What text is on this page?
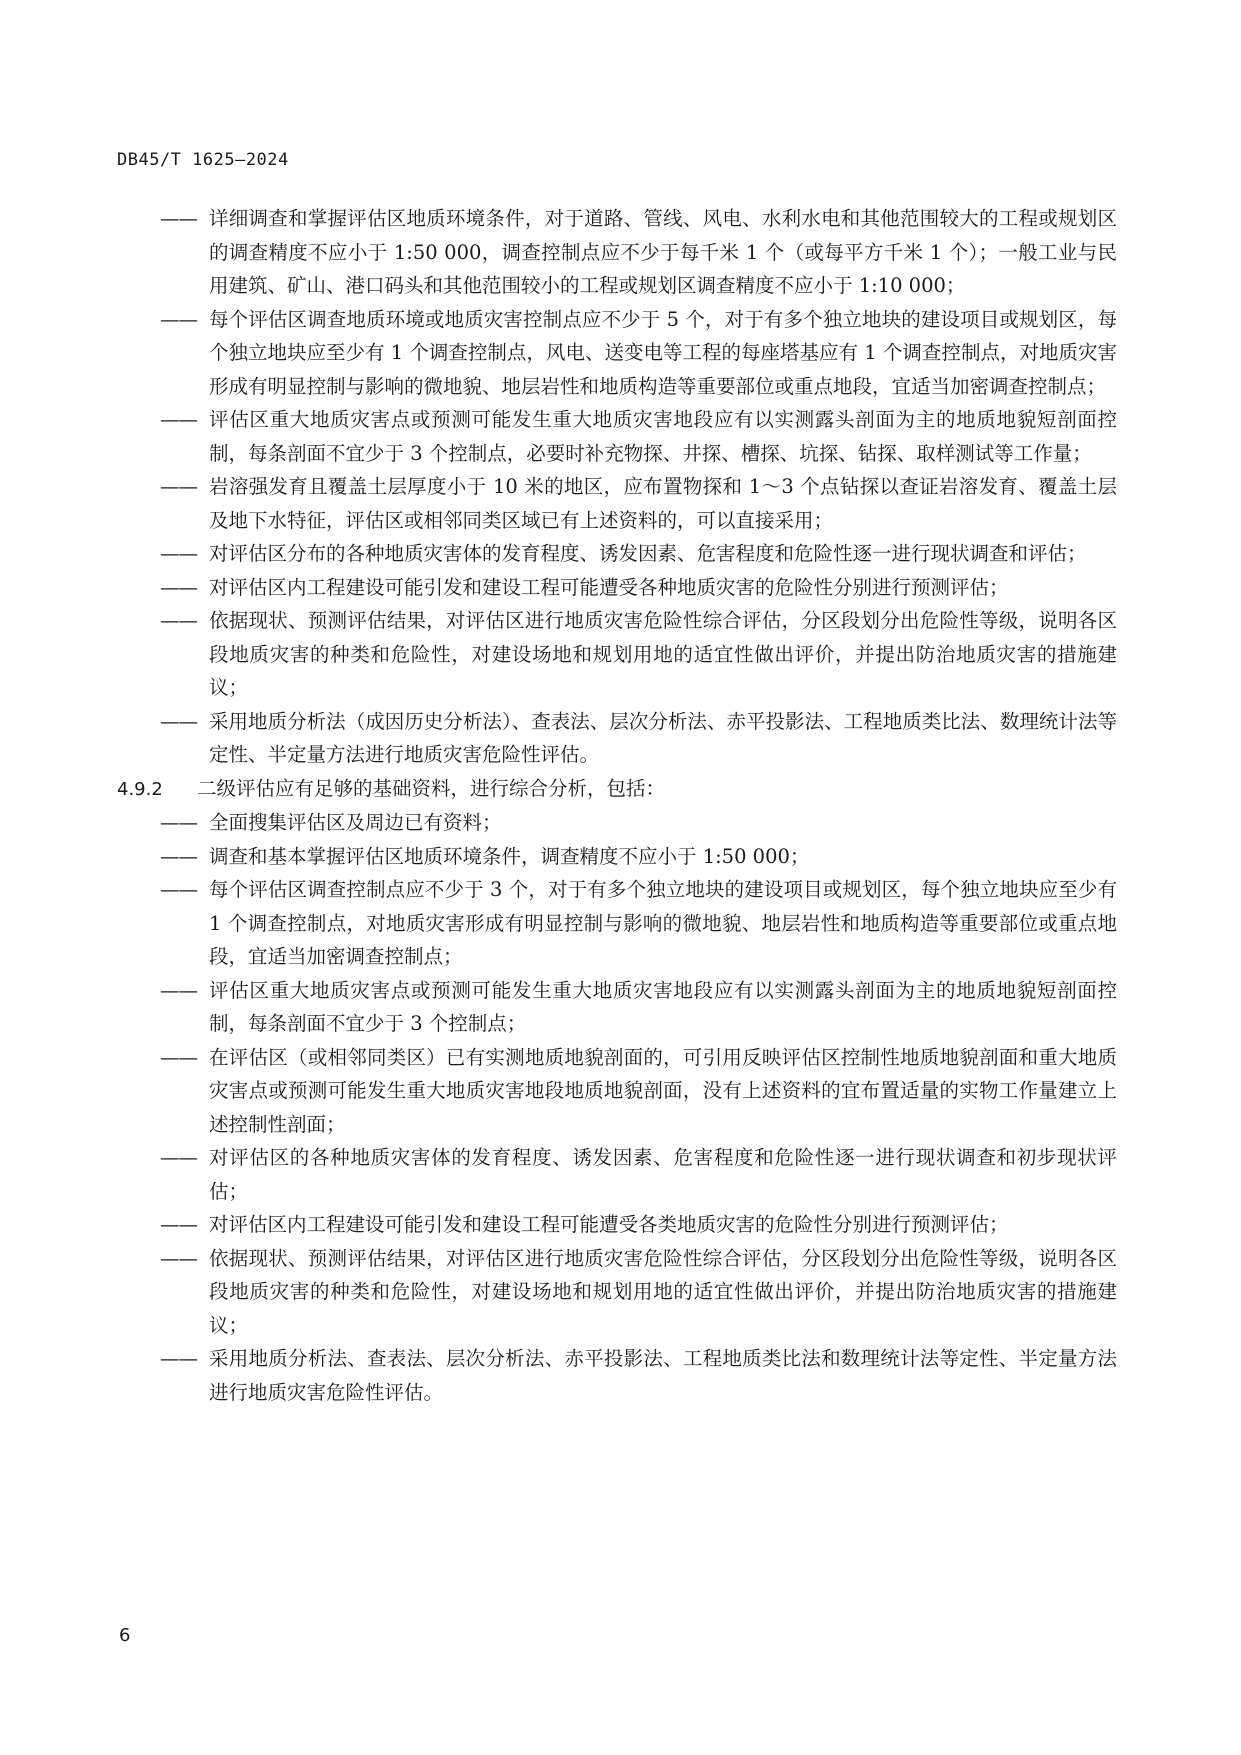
DB45/T 1625—2024
—— 详细调查和掌握评估区地质环境条件，对于道路、管线、风电、水利水电和其他范围较大的工程或规划区的调查精度不应小于 1:50 000，调查控制点应不少于每千米 1 个（或每平方千米 1 个）；一般工业与民用建筑、矿山、港口码头和其他范围较小的工程或规划区调查精度不应小于 1:10 000；
—— 每个评估区调查地质环境或地质灾害控制点应不少于 5 个，对于有多个独立地块的建设项目或规划区，每个独立地块应至少有 1 个调查控制点，风电、送变电等工程的每座塔基应有 1 个调查控制点，对地质灾害形成有明显控制与影响的微地貌、地层岩性和地质构造等重要部位或重点地段，宜适当加密调查控制点；
—— 评估区重大地质灾害点或预测可能发生重大地质灾害地段应有以实测露头剖面为主的地质地貌短剖面控制，每条剖面不宜少于 3 个控制点，必要时补充物探、井探、槽探、坑探、钻探、取样测试等工作量；
—— 岩溶强发育且覆盖土层厚度小于 10 米的地区，应布置物探和 1～3 个点钻探以查证岩溶发育、覆盖土层及地下水特征，评估区或相邻同类区域已有上述资料的，可以直接采用；
—— 对评估区分布的各种地质灾害体的发育程度、诱发因素、危害程度和危险性逐一进行现状调查和评估；
—— 对评估区内工程建设可能引发和建设工程可能遭受各种地质灾害的危险性分别进行预测评估；
—— 依据现状、预测评估结果，对评估区进行地质灾害危险性综合评估，分区段划分出危险性等级，说明各区段地质灾害的种类和危险性，对建设场地和规划用地的适宜性做出评价，并提出防治地质灾害的措施建议；
—— 采用地质分析法（成因历史分析法）、查表法、层次分析法、赤平投影法、工程地质类比法、数理统计法等定性、半定量方法进行地质灾害危险性评估。
4.9.2 二级评估应有足够的基础资料，进行综合分析，包括：
—— 全面搜集评估区及周边已有资料；
—— 调查和基本掌握评估区地质环境条件，调查精度不应小于 1:50 000；
—— 每个评估区调查控制点应不少于 3 个，对于有多个独立地块的建设项目或规划区，每个独立地块应至少有 1 个调查控制点，对地质灾害形成有明显控制与影响的微地貌、地层岩性和地质构造等重要部位或重点地段，宜适当加密调查控制点；
—— 评估区重大地质灾害点或预测可能发生重大地质灾害地段应有以实测露头剖面为主的地质地貌短剖面控制，每条剖面不宜少于 3 个控制点；
—— 在评估区（或相邻同类区）已有实测地质地貌剖面的，可引用反映评估区控制性地质地貌剖面和重大地质灾害点或预测可能发生重大地质灾害地段地质地貌剖面，没有上述资料的宜布置适量的实物工作量建立上述控制性剖面；
—— 对评估区的各种地质灾害体的发育程度、诱发因素、危害程度和危险性逐一进行现状调查和初步现状评估；
—— 对评估区内工程建设可能引发和建设工程可能遭受各类地质灾害的危险性分别进行预测评估；
—— 依据现状、预测评估结果，对评估区进行地质灾害危险性综合评估，分区段划分出危险性等级，说明各区段地质灾害的种类和危险性，对建设场地和规划用地的适宜性做出评价，并提出防治地质灾害的措施建议；
—— 采用地质分析法、查表法、层次分析法、赤平投影法、工程地质类比法和数理统计法等定性、半定量方法进行地质灾害危险性评估。
6
